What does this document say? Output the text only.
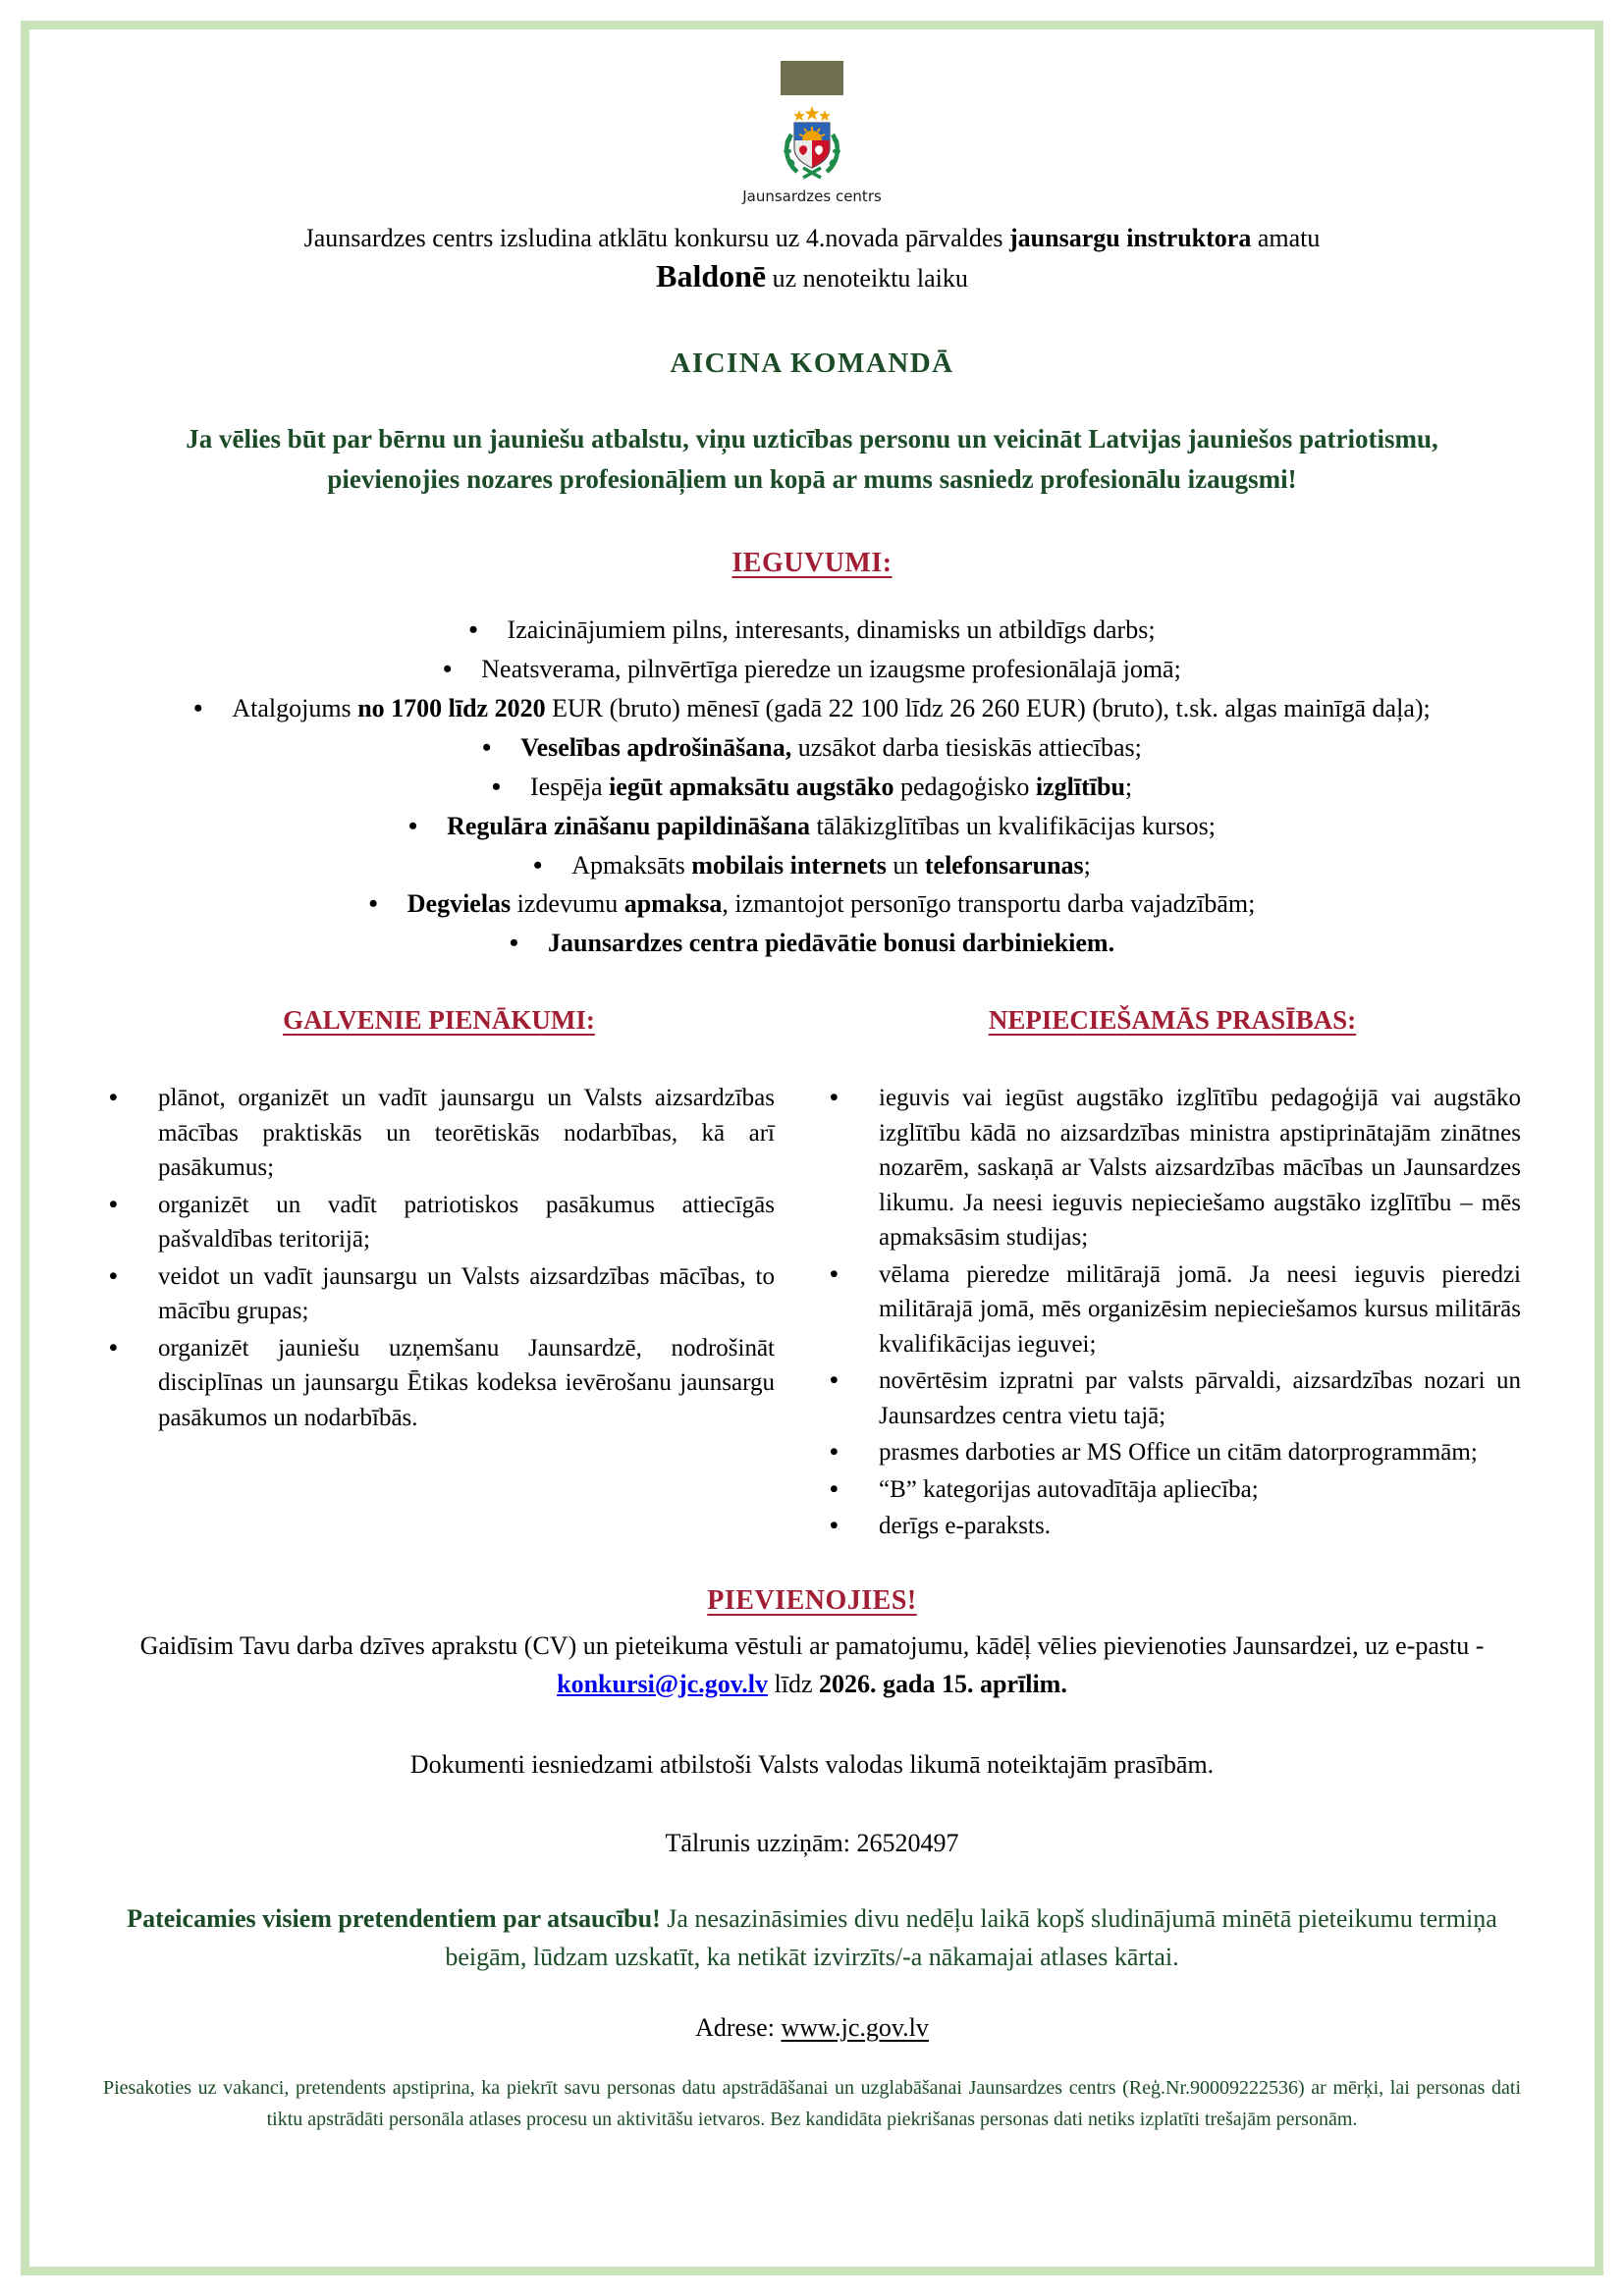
Jaunsardzes centrs
Jaunsardzes centrs izsludina atklātu konkursu uz 4.novada pārvaldes jaunsargu instruktora amatu
Baldonē uz nenoteiktu laiku
AICINA KOMANDĀ
Ja vēlies būt par bērnu un jauniešu atbalstu, viņu uzticības personu un veicināt Latvijas jauniešos patriotismu, pievienojies nozares profesionāļiem un kopā ar mums sasniedz profesionālu izaugsmi!
IEGUVUMI:
• Izaicinājumiem pilns, interesants, dinamisks un atbildīgs darbs;
• Neatsverama, pilnvērtīga pieredze un izaugsme profesionālajā jomā;
• Atalgojums no 1700 līdz 2020 EUR (bruto) mēnesī (gadā 22 100 līdz 26 260 EUR) (bruto), t.sk. algas mainīgā daļa);
• Veselības apdrošināšana, uzsākot darba tiesiskās attiecības;
• Iespēja iegūt apmaksātu augstāko pedagoģisko izglītību;
• Regulāra zināšanu papildināšana tālākizglītības un kvalifikācijas kursos;
• Apmaksāts mobilais internets un telefonsarunas;
• Degvielas izdevumu apmaksa, izmantojot personīgo transportu darba vajadzībām;
• Jaunsardzes centra piedāvātie bonusi darbiniekiem.
GALVENIE PIENĀKUMI:
•	plānot, organizēt un vadīt jaunsargu un Valsts aizsardzības mācības praktiskās un teorētiskās nodarbības, kā arī pasākumus;
•	organizēt un vadīt patriotiskos pasākumus attiecīgās pašvaldības teritorijā;
•	veidot un vadīt jaunsargu un Valsts aizsardzības mācības, to mācību grupas;
•	organizēt jauniešu uzņemšanu Jaunsardzē, nodrošināt disciplīnas un jaunsargu Ētikas kodeksa ievērošanu jaunsargu pasākumos un nodarbībās.
NEPIECIEŠAMĀS PRASĪBAS:
•	ieguvis vai iegūst augstāko izglītību pedagoģijā vai augstāko izglītību kādā no aizsardzības ministra apstiprinātajām zinātnes nozarēm, saskaņā ar Valsts aizsardzības mācības un Jaunsardzes likumu. Ja neesi ieguvis nepieciešamo augstāko izglītību – mēs apmaksāsim studijas;
•	vēlama pieredze militārajā jomā. Ja neesi ieguvis pieredzi militārajā jomā, mēs organizēsim nepieciešamos kursus militārās kvalifikācijas ieguvei;
•	novērtēsim izpratni par valsts pārvaldi, aizsardzības nozari un Jaunsardzes centra vietu tajā;
•	prasmes darboties ar MS Office un citām datorprogrammām;
•	“B” kategorijas autovadītāja apliecība;
•	derīgs e-paraksts.
PIEVIENOJIES!
Gaidīsim Tavu darba dzīves aprakstu (CV) un pieteikuma vēstuli ar pamatojumu, kādēļ vēlies pievienoties Jaunsardzei, uz e-pastu - konkursi@jc.gov.lv līdz 2026. gada 15. aprīlim.
Dokumenti iesniedzami atbilstoši Valsts valodas likumā noteiktajām prasībām.
Tālrunis uzziņām: 26520497
Pateicamies visiem pretendentiem par atsaucību! Ja nesazināsimies divu nedēļu laikā kopš sludinājumā minētā pieteikumu termiņa beigām, lūdzam uzskatīt, ka netikāt izvirzīts/-a nākamajai atlases kārtai.
Adrese: www.jc.gov.lv
Piesakoties uz vakanci, pretendents apstiprina, ka piekrīt savu personas datu apstrādāšanai un uzglabāšanai Jaunsardzes centrs (Reģ.Nr.90009222536) ar mērķi, lai personas dati tiktu apstrādāti personāla atlases procesu un aktivitāšu ietvaros. Bez kandidāta piekrišanas personas dati netiks izplatīti trešajām personām.
